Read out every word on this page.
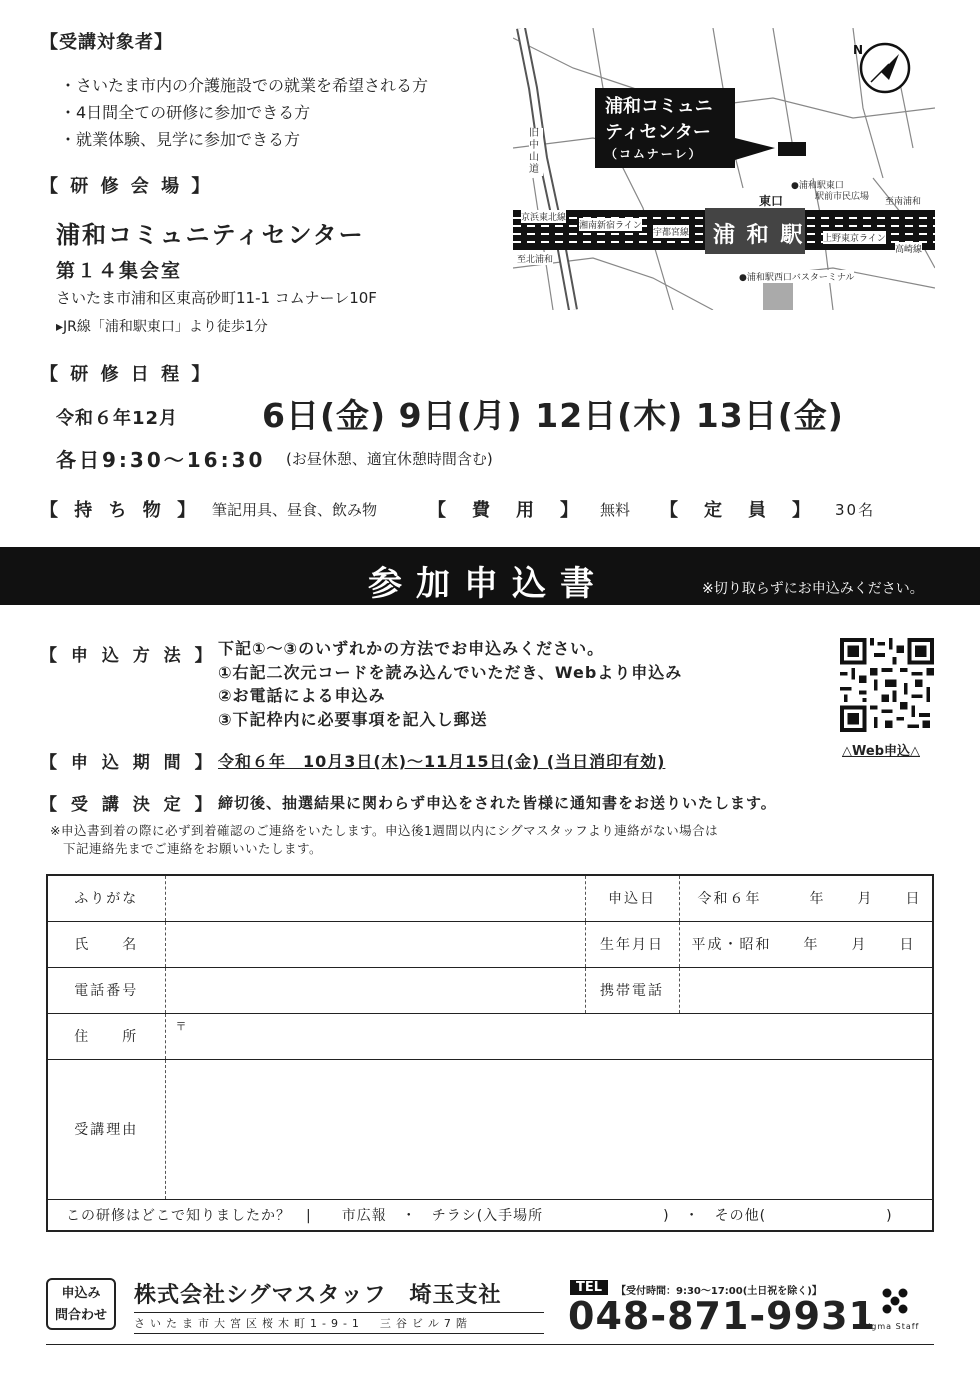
【受講対象者】
・さいたま市内の介護施設での就業を希望される方
・4日間全ての研修に参加できる方
・就業体験、見学に参加できる方
【 研 修 会 場 】
浦和コミュニティセンター
第１４集会室
さいたま市浦和区東高砂町11-1 コムナーレ10F
▸JR線「浦和駅東口」より徒歩1分
N
浦和コミュニ
ティセンター
（コムナーレ）
浦 和 駅
旧中山道
東口
●浦和駅東口
駅前市民広場 至南浦和
至北浦和
京浜東北線
湘南新宿ライン
宇都宮線
上野東京ライン
高崎線
●浦和駅西口バスターミナル
【 研 修 日 程 】
令和６年12月	6日(金) 9日(月) 12日(木) 13日(金)
各日9:30～16:30 (お昼休憩、適宜休憩時間含む)
【 持 ち 物 】 筆記用具、昼食、飲み物	【　費　用　】 無料 【　定　員　】 30名
参加申込書	※切り取らずにお申込みください。
【 申 込 方 法 】 下記①～③のいずれかの方法でお申込みください。
①右記二次元コードを読み込んでいただき、Webより申込み
②お電話による申込み
③下記枠内に必要事項を記入し郵送
△Web申込△
【 申 込 期 間 】 令和６年　10月3日(木)～11月15日(金) (当日消印有効)
【 受 講 決 定 】 締切後、抽選結果に関わらず申込をされた皆様に通知書をお送りいたします。
※申込書到着の際に必ず到着確認のご連絡をいたします。申込後1週間以内にシグマスタッフより連絡がない場合は
　下記連絡先までご連絡をお願いいたします。
ふりがな		申込日	令和６年　　　年　　月　　日
氏　　名		生年月日	平成・昭和　　年　　月　　日
電話番号		携帯電話	
住　　所	〒		
受講理由			
この研修はどこで知りましたか？　|　　市広報　・　チラシ(入手場所　　　　　　　　)　・　その他(　　　　　　　　)			
申込み
問合わせ
株式会社シグマスタッフ　埼玉支社
さいたま市大宮区桜木町1-9-1　三谷ビル7階
TEL	【受付時間：9:30～17:00(土日祝を除く)】
048-871-9931
Sigma Staff
